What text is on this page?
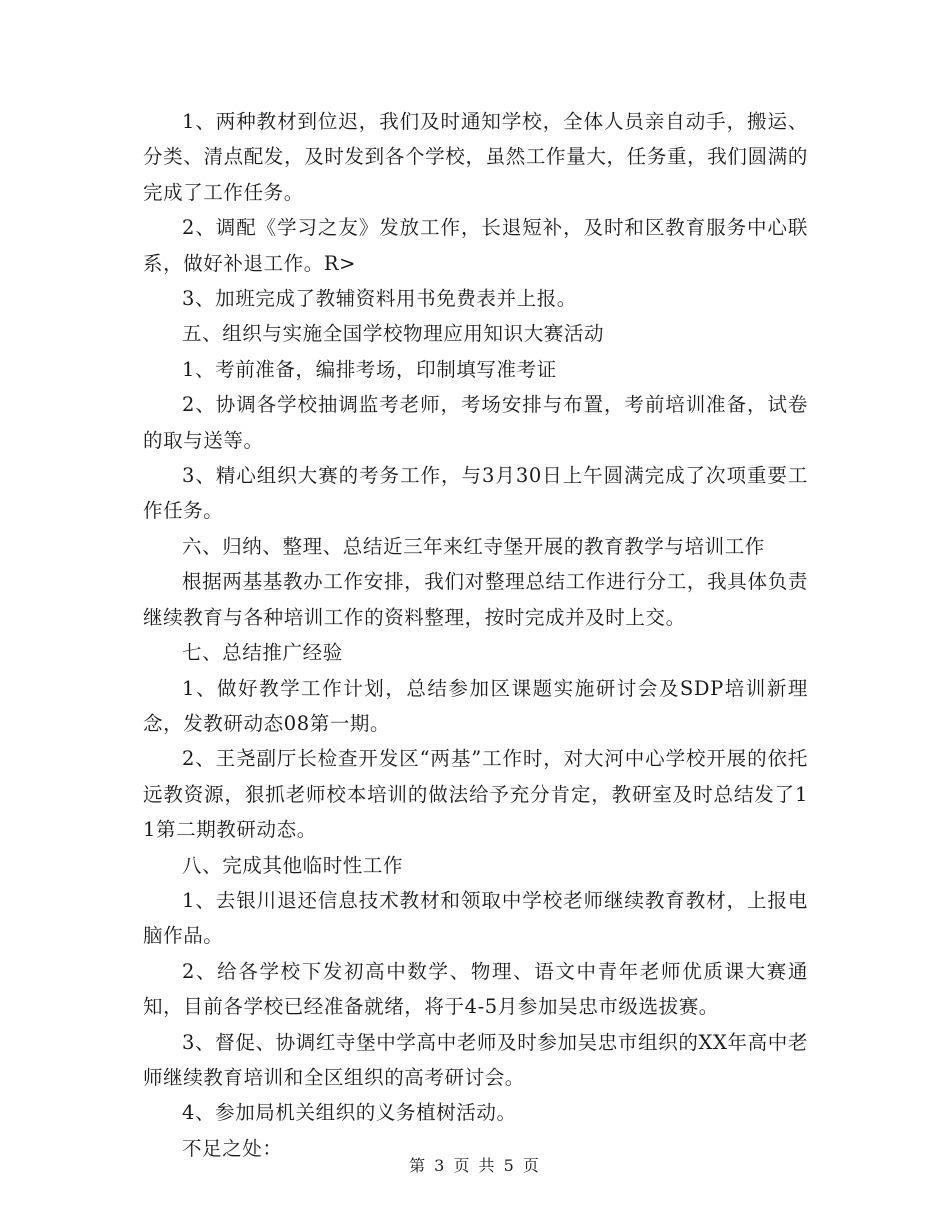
1、两种教材到位迟，我们及时通知学校，全体人员亲自动手，搬运、分类、清点配发，及时发到各个学校，虽然工作量大，任务重，我们圆满的完成了工作任务。

2、调配《学习之友》发放工作，长退短补，及时和区教育服务中心联系，做好补退工作。R>

3、加班完成了教辅资料用书免费表并上报。

五、组织与实施全国学校物理应用知识大赛活动

1、考前准备，编排考场，印制填写准考证

2、协调各学校抽调监考老师，考场安排与布置，考前培训准备，试卷的取与送等。

3、精心组织大赛的考务工作，与3月30日上午圆满完成了次项重要工作任务。

六、归纳、整理、总结近三年来红寺堡开展的教育教学与培训工作

根据两基基教办工作安排，我们对整理总结工作进行分工，我具体负责继续教育与各种培训工作的资料整理，按时完成并及时上交。

七、总结推广经验

1、做好教学工作计划，总结参加区课题实施研讨会及SDP培训新理念，发教研动态08第一期。

2、王尧副厅长检查开发区“两基”工作时，对大河中心学校开展的依托远教资源，狠抓老师校本培训的做法给予充分肯定，教研室及时总结发了11第二期教研动态。

八、完成其他临时性工作

1、去银川退还信息技术教材和领取中学校老师继续教育教材，上报电脑作品。

2、给各学校下发初高中数学、物理、语文中青年老师优质课大赛通知，目前各学校已经准备就绪，将于4-5月参加吴忠市级选拔赛。

3、督促、协调红寺堡中学高中老师及时参加吴忠市组织的XX年高中老师继续教育培训和全区组织的高考研讨会。

4、参加局机关组织的义务植树活动。

不足之处：

第 3 页 共 5 页
